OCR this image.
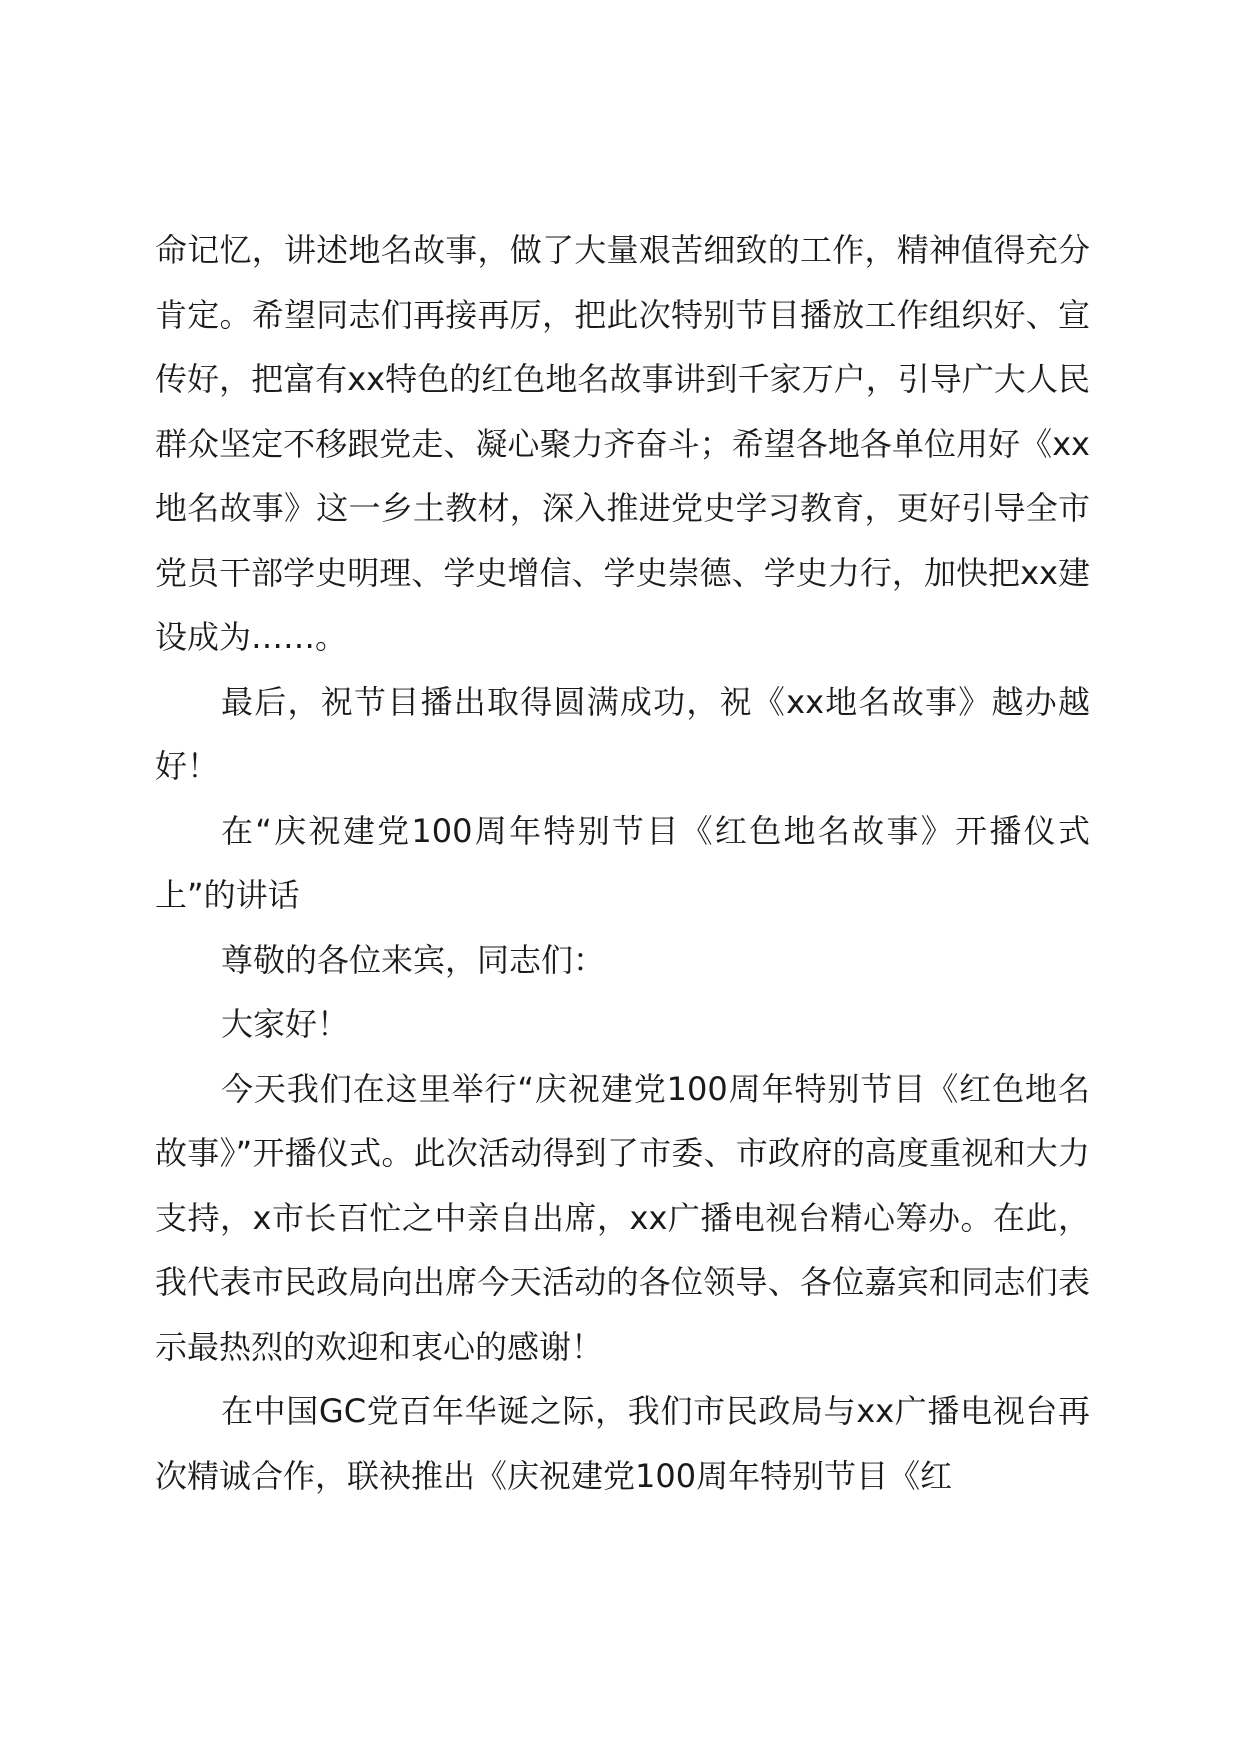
命记忆，讲述地名故事，做了大量艰苦细致的工作，精神值得充分肯定。希望同志们再接再厉，把此次特别节目播放工作组织好、宣传好，把富有xx特色的红色地名故事讲到千家万户，引导广大人民群众坚定不移跟党走、凝心聚力齐奋斗；希望各地各单位用好《xx地名故事》这一乡土教材，深入推进党史学习教育，更好引导全市党员干部学史明理、学史增信、学史崇德、学史力行，加快把xx建设成为……。

最后，祝节目播出取得圆满成功，祝《xx地名故事》越办越好！

在“庆祝建党100周年特别节目《红色地名故事》开播仪式上”的讲话

尊敬的各位来宾，同志们：

大家好！

今天我们在这里举行“庆祝建党100周年特别节目《红色地名故事》”开播仪式。此次活动得到了市委、市政府的高度重视和大力支持，x市长百忙之中亲自出席，xx广播电视台精心筹办。在此，我代表市民政局向出席今天活动的各位领导、各位嘉宾和同志们表示最热烈的欢迎和衷心的感谢！

在中国GC党百年华诞之际，我们市民政局与xx广播电视台再次精诚合作，联袂推出《庆祝建党100周年特别节目《红
